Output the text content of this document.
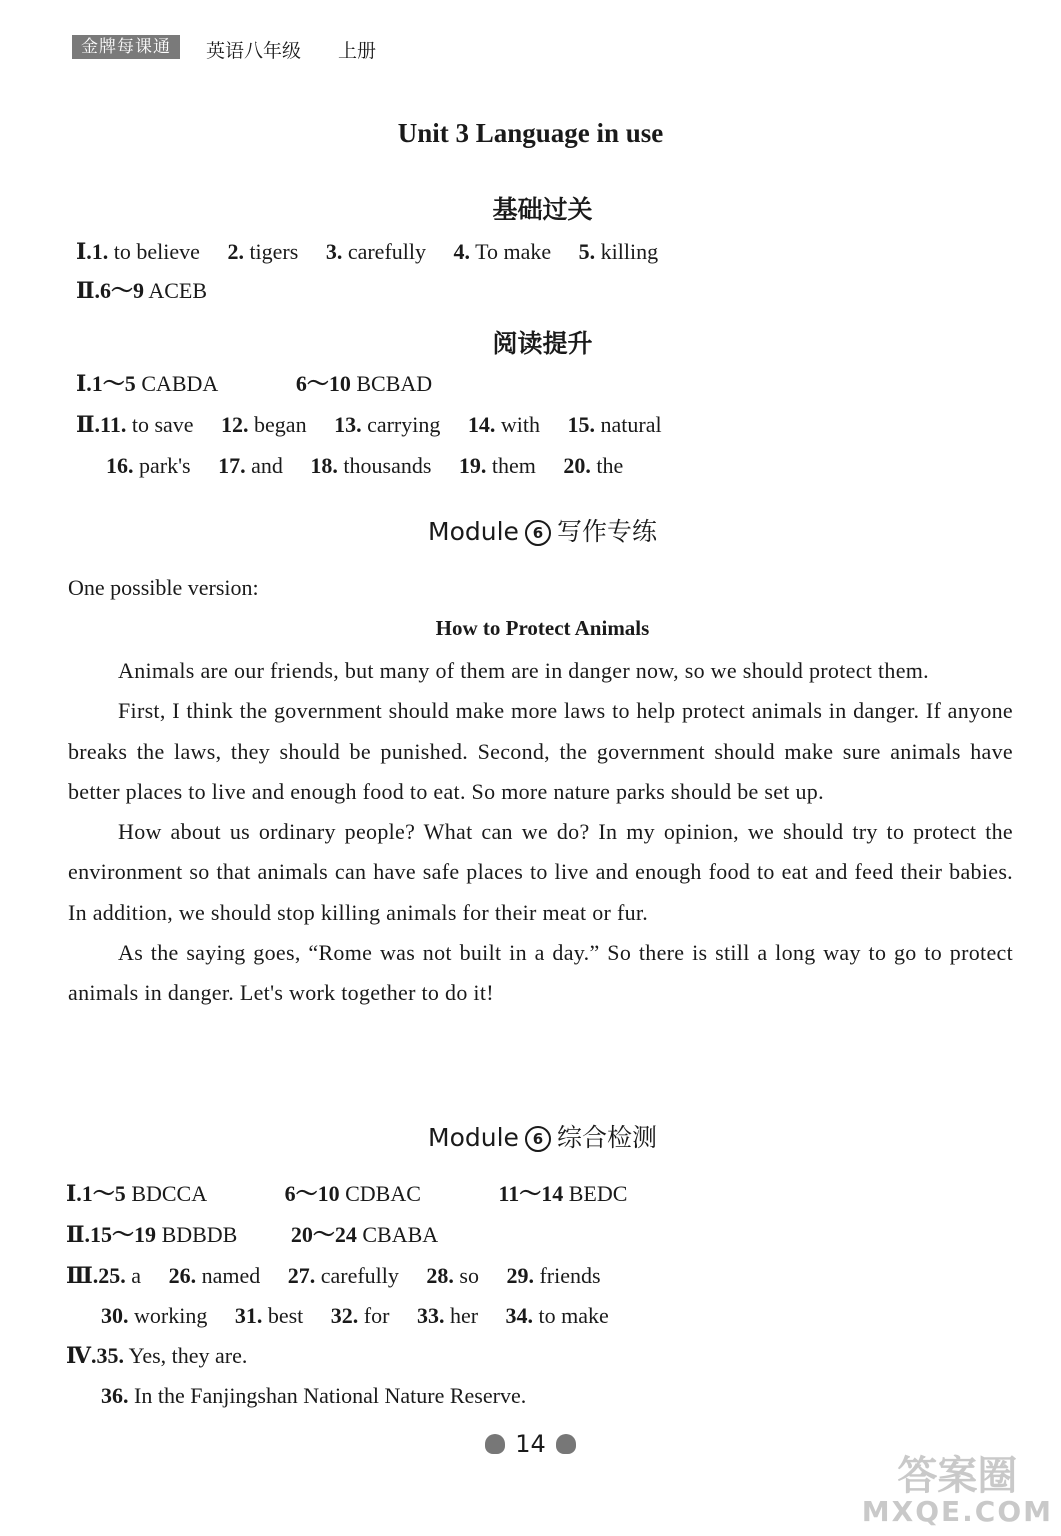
金牌每课通	英语八年级 上册
Unit 3 Language in use
基础过关
Ⅰ.1. to believe 2. tigers 3. carefully 4. To make 5. killing
Ⅱ.6～9 ACEB
阅读提升
Ⅰ.1～5 CABDA	6～10 BCBAD
Ⅱ.11. to save 12. began 13. carrying 14. with 15. natural
16. park's 17. and 18. thousands 19. them 20. the
Module 6 写作专练
One possible version:
How to Protect Animals

Animals are our friends, but many of them are in danger now, so we should protect them.

First, I think the government should make more laws to help protect animals in danger. If anyone breaks the laws, they should be punished. Second, the government should make sure animals have better places to live and enough food to eat. So more nature parks should be set up.

How about us ordinary people? What can we do? In my opinion, we should try to protect the environment so that animals can have safe places to live and enough food to eat and feed their babies. In addition, we should stop killing animals for their meat or fur.

As the saying goes, “Rome was not built in a day.” So there is still a long way to go to protect animals in danger. Let's work together to do it!

Module 6 综合检测
Ⅰ.1～5 BDCCA	6～10 CDBAC	11～14 BEDC
Ⅱ.15～19 BDBDB 20～24 CBABA
Ⅲ.25. a 26. named 27. carefully 28. so 29. friends
30. working 31. best 32. for 33. her 34. to make
Ⅳ.35. Yes, they are.
36. In the Fanjingshan National Nature Reserve.
14
答案圈
MXQE.COM
